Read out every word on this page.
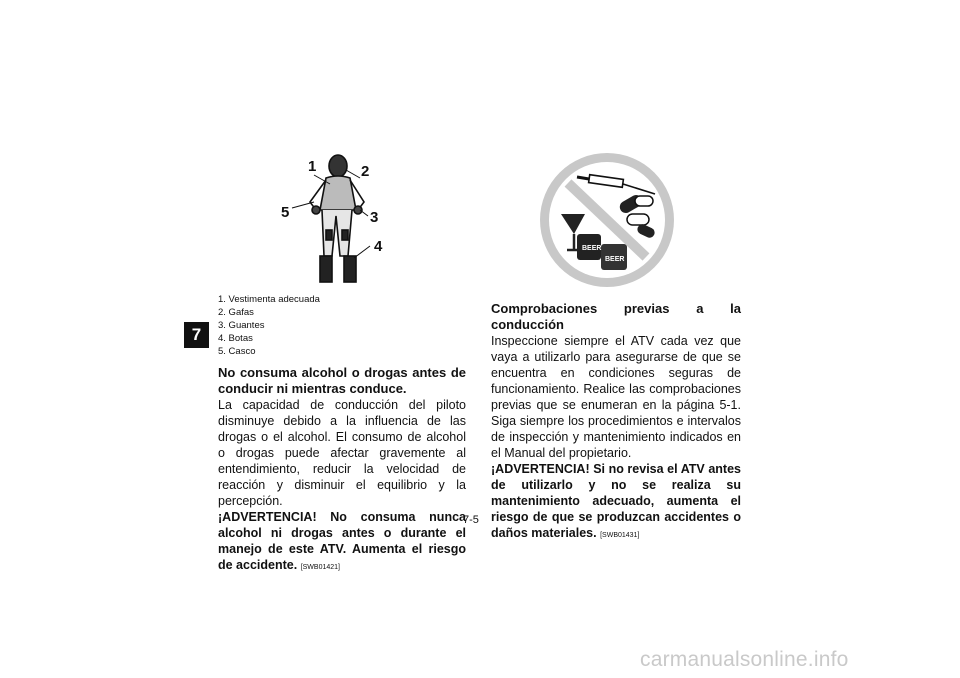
7
1	2
3
4
5
1. Vestimenta adecuada
2. Gafas
3. Guantes
4. Botas
5. Casco

No consuma alcohol o drogas antes de conducir ni mientras conduce.

La capacidad de conducción del piloto disminuye debido a la influencia de las drogas o el alcohol. El consumo de alcohol o drogas puede afectar gravemente al entendimiento, reducir la velocidad de reacción y disminuir el equilibrio y la percepción.

¡ADVERTENCIA! No consuma nunca alcohol ni drogas antes o durante el manejo de este ATV. Aumenta el riesgo de accidente. [SWB01421]

BEER
BEER

Comprobaciones previas a la conducción

Inspeccione siempre el ATV cada vez que vaya a utilizarlo para asegurarse de que se encuentra en condiciones seguras de funcionamiento. Realice las comprobaciones previas que se enumeran en la página 5-1. Siga siempre los procedimientos e intervalos de inspección y mantenimiento indicados en el Manual del propietario.

¡ADVERTENCIA! Si no revisa el ATV antes de utilizarlo y no se realiza su mantenimiento adecuado, aumenta el riesgo de que se produzcan accidentes o daños materiales. [SWB01431]

7-5
carmanualsonline.info
